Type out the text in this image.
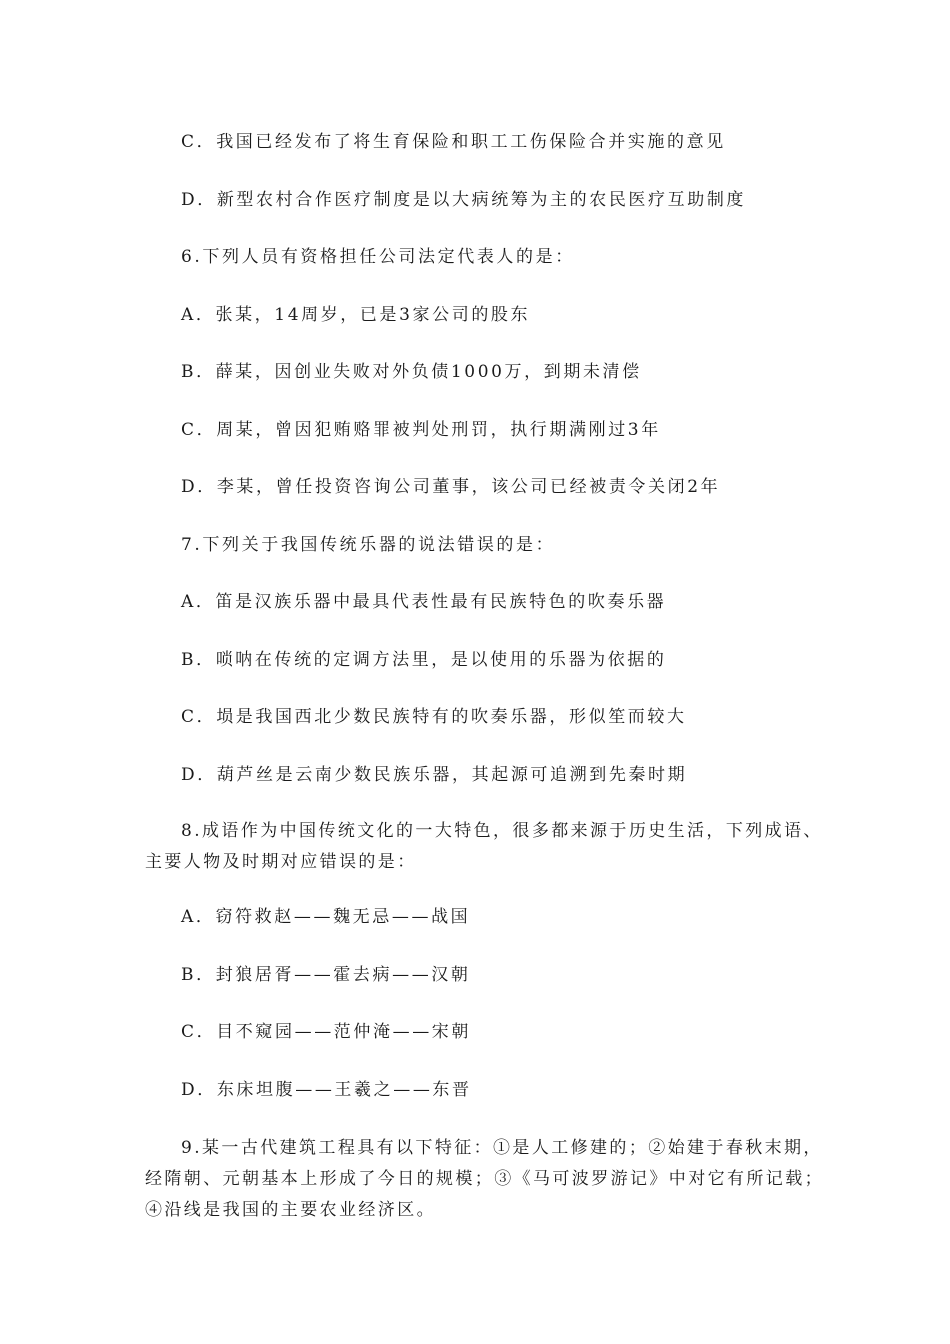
C．我国已经发布了将生育保险和职工工伤保险合并实施的意见
D．新型农村合作医疗制度是以大病统筹为主的农民医疗互助制度
6.下列人员有资格担任公司法定代表人的是：
A．张某，14周岁，已是3家公司的股东
B．薛某，因创业失败对外负债1000万，到期未清偿
C．周某，曾因犯贿赂罪被判处刑罚，执行期满刚过3年
D．李某，曾任投资咨询公司董事，该公司已经被责令关闭2年
7.下列关于我国传统乐器的说法错误的是：
A．笛是汉族乐器中最具代表性最有民族特色的吹奏乐器
B．唢呐在传统的定调方法里，是以使用的乐器为依据的
C．埙是我国西北少数民族特有的吹奏乐器，形似笙而较大
D．葫芦丝是云南少数民族乐器，其起源可追溯到先秦时期
8.成语作为中国传统文化的一大特色，很多都来源于历史生活，下列成语、
主要人物及时期对应错误的是：
A．窃符救赵——魏无忌——战国
B．封狼居胥——霍去病——汉朝
C．目不窥园——范仲淹——宋朝
D．东床坦腹——王羲之——东晋
9.某一古代建筑工程具有以下特征：①是人工修建的；②始建于春秋末期，
经隋朝、元朝基本上形成了今日的规模；③《马可波罗游记》中对它有所记载；
④沿线是我国的主要农业经济区。
